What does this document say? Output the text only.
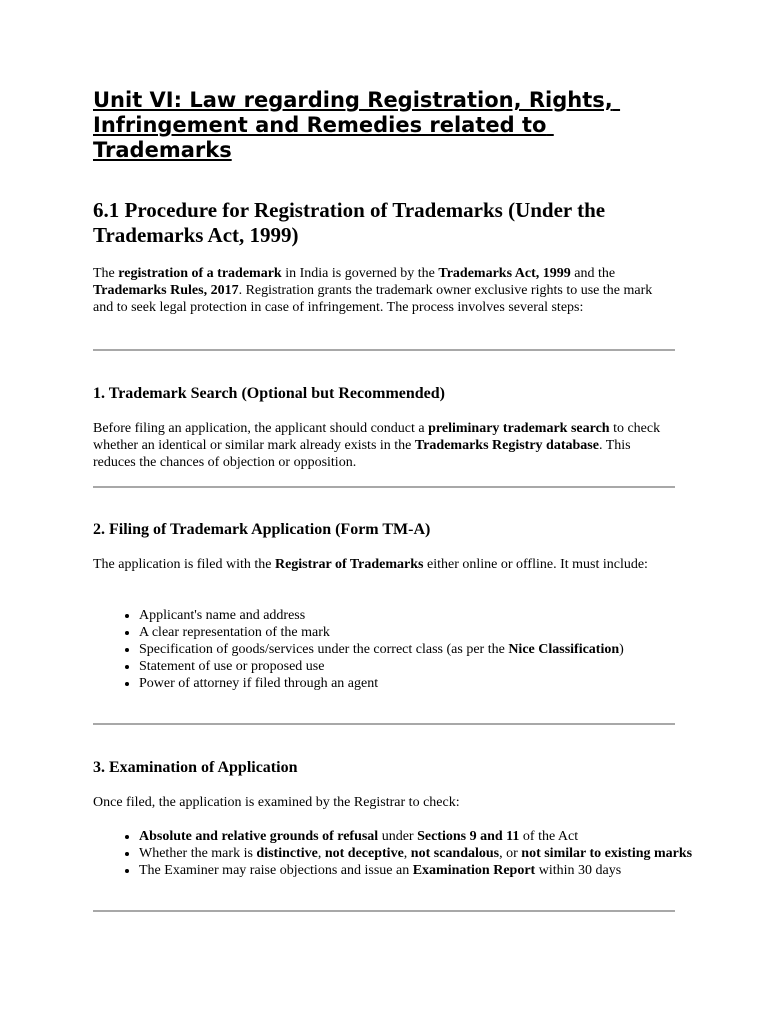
Unit VI: Law regarding Registration, Rights,
Infringement and Remedies related to
Trademarks
6.1 Procedure for Registration of Trademarks (Under the
Trademarks Act, 1999)

The registration of a trademark in India is governed by the Trademarks Act, 1999 and the Trademarks Rules, 2017. Registration grants the trademark owner exclusive rights to use the mark and to seek legal protection in case of infringement. The process involves several steps:

1. Trademark Search (Optional but Recommended)

Before filing an application, the applicant should conduct a preliminary trademark search to check whether an identical or similar mark already exists in the Trademarks Registry database. This reduces the chances of objection or opposition.

2. Filing of Trademark Application (Form TM-A)

The application is filed with the Registrar of Trademarks either online or offline. It must include:

• Applicant's name and address
• A clear representation of the mark
• Specification of goods/services under the correct class (as per the Nice Classification)
• Statement of use or proposed use
• Power of attorney if filed through an agent
3. Examination of Application

Once filed, the application is examined by the Registrar to check:

• Absolute and relative grounds of refusal under Sections 9 and 11 of the Act
• Whether the mark is distinctive, not deceptive, not scandalous, or not similar to existing marks
• The Examiner may raise objections and issue an Examination Report within 30 days
